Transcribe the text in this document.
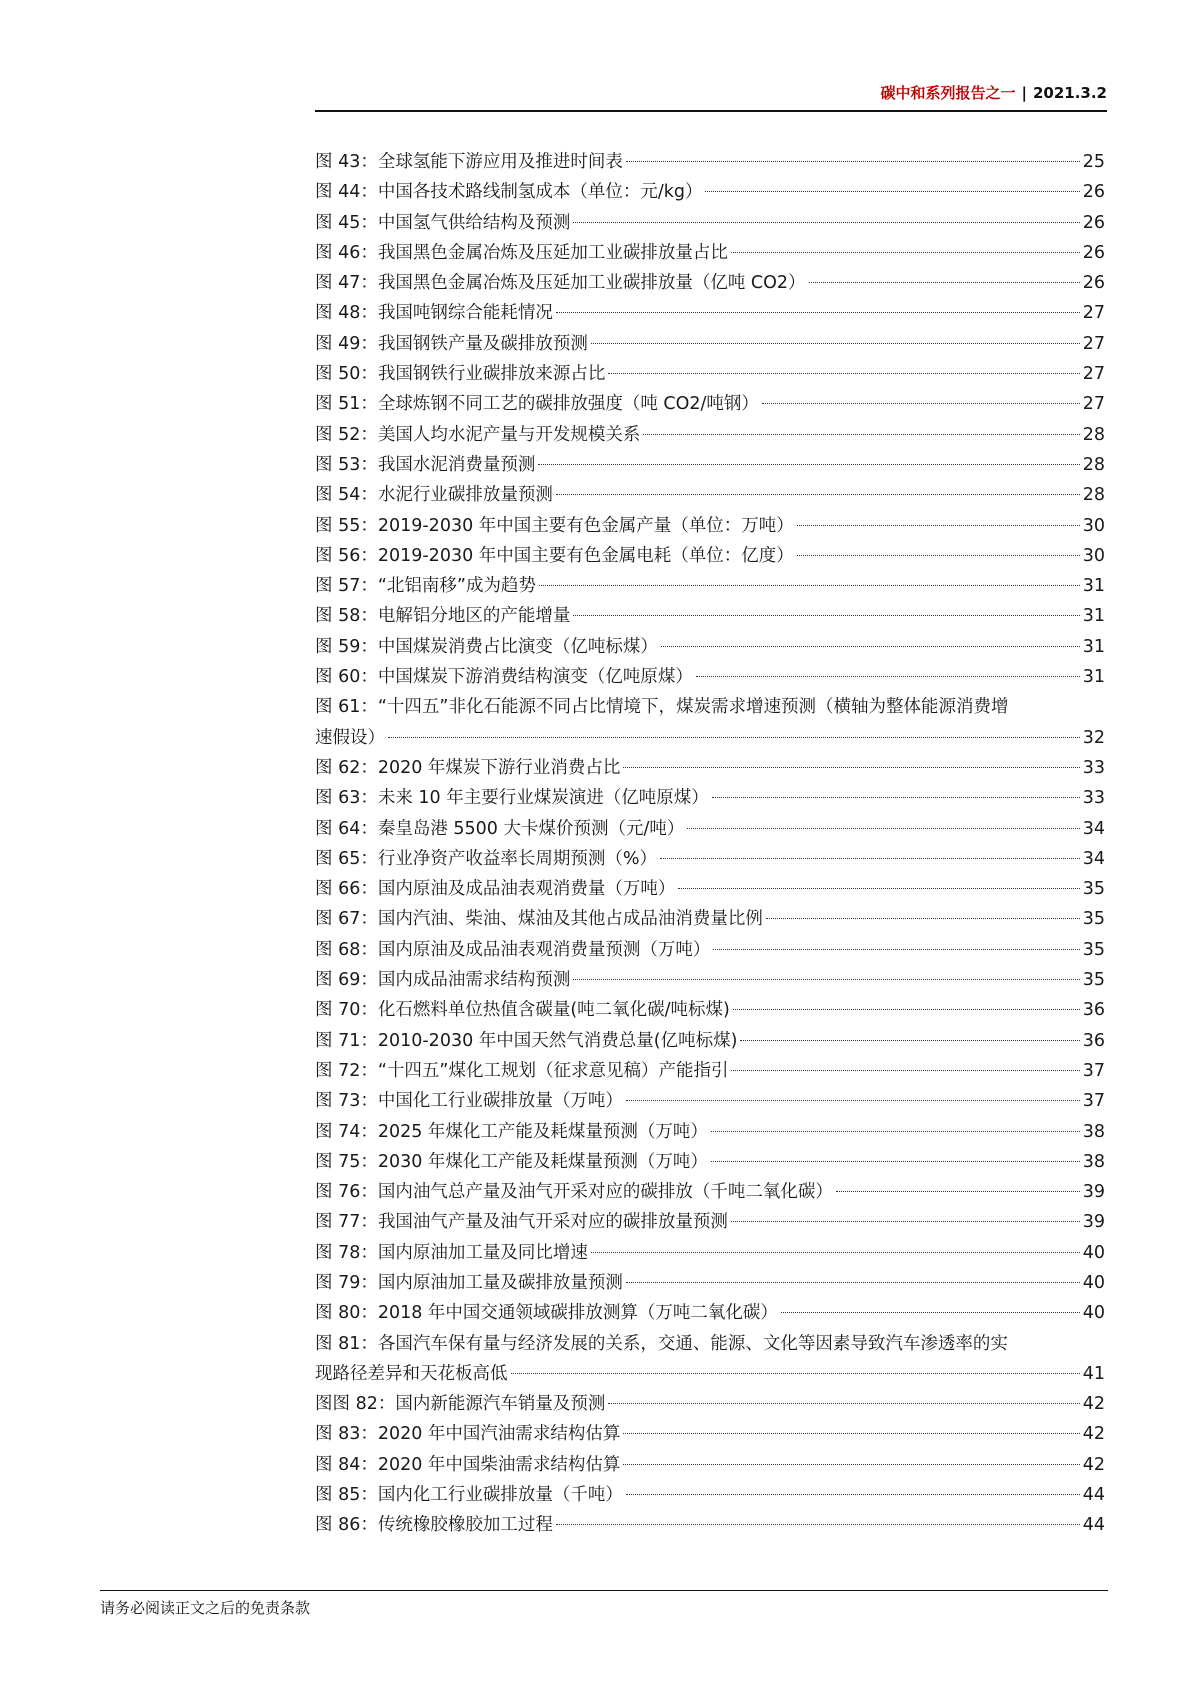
碳中和系列报告之一 | 2021.3.2
图 43：全球氢能下游应用及推进时间表	25
图 44：中国各技术路线制氢成本（单位：元/kg）	26
图 45：中国氢气供给结构及预测	26
图 46：我国黑色金属冶炼及压延加工业碳排放量占比	26
图 47：我国黑色金属冶炼及压延加工业碳排放量（亿吨 CO2）	26
图 48：我国吨钢综合能耗情况	27
图 49：我国钢铁产量及碳排放预测	27
图 50：我国钢铁行业碳排放来源占比	27
图 51：全球炼钢不同工艺的碳排放强度（吨 CO2/吨钢）	27
图 52：美国人均水泥产量与开发规模关系	28
图 53：我国水泥消费量预测	28
图 54：水泥行业碳排放量预测	28
图 55：2019-2030 年中国主要有色金属产量（单位：万吨）	30
图 56：2019-2030 年中国主要有色金属电耗（单位：亿度）	30
图 57：“北铝南移”成为趋势	31
图 58：电解铝分地区的产能增量	31
图 59：中国煤炭消费占比演变（亿吨标煤）	31
图 60：中国煤炭下游消费结构演变（亿吨原煤）	31
图 61：“十四五”非化石能源不同占比情境下，煤炭需求增速预测（横轴为整体能源消费增
速假设）	32
图 62：2020 年煤炭下游行业消费占比	33
图 63：未来 10 年主要行业煤炭演进（亿吨原煤）	33
图 64：秦皇岛港 5500 大卡煤价预测（元/吨）	34
图 65：行业净资产收益率长周期预测（%）	34
图 66：国内原油及成品油表观消费量（万吨）	35
图 67：国内汽油、柴油、煤油及其他占成品油消费量比例	35
图 68：国内原油及成品油表观消费量预测（万吨）	35
图 69：国内成品油需求结构预测	35
图 70：化石燃料单位热值含碳量(吨二氧化碳/吨标煤)	36
图 71：2010-2030 年中国天然气消费总量(亿吨标煤)	36
图 72：“十四五”煤化工规划（征求意见稿）产能指引	37
图 73：中国化工行业碳排放量（万吨）	37
图 74：2025 年煤化工产能及耗煤量预测（万吨）	38
图 75：2030 年煤化工产能及耗煤量预测（万吨）	38
图 76：国内油气总产量及油气开采对应的碳排放（千吨二氧化碳）	39
图 77：我国油气产量及油气开采对应的碳排放量预测	39
图 78：国内原油加工量及同比增速	40
图 79：国内原油加工量及碳排放量预测	40
图 80：2018 年中国交通领域碳排放测算（万吨二氧化碳）	40
图 81：各国汽车保有量与经济发展的关系，交通、能源、文化等因素导致汽车渗透率的实
现路径差异和天花板高低	41
图图 82：国内新能源汽车销量及预测	42
图 83：2020 年中国汽油需求结构估算	42
图 84：2020 年中国柴油需求结构估算	42
图 85：国内化工行业碳排放量（千吨）	44
图 86：传统橡胶橡胶加工过程	44
请务必阅读正文之后的免责条款
